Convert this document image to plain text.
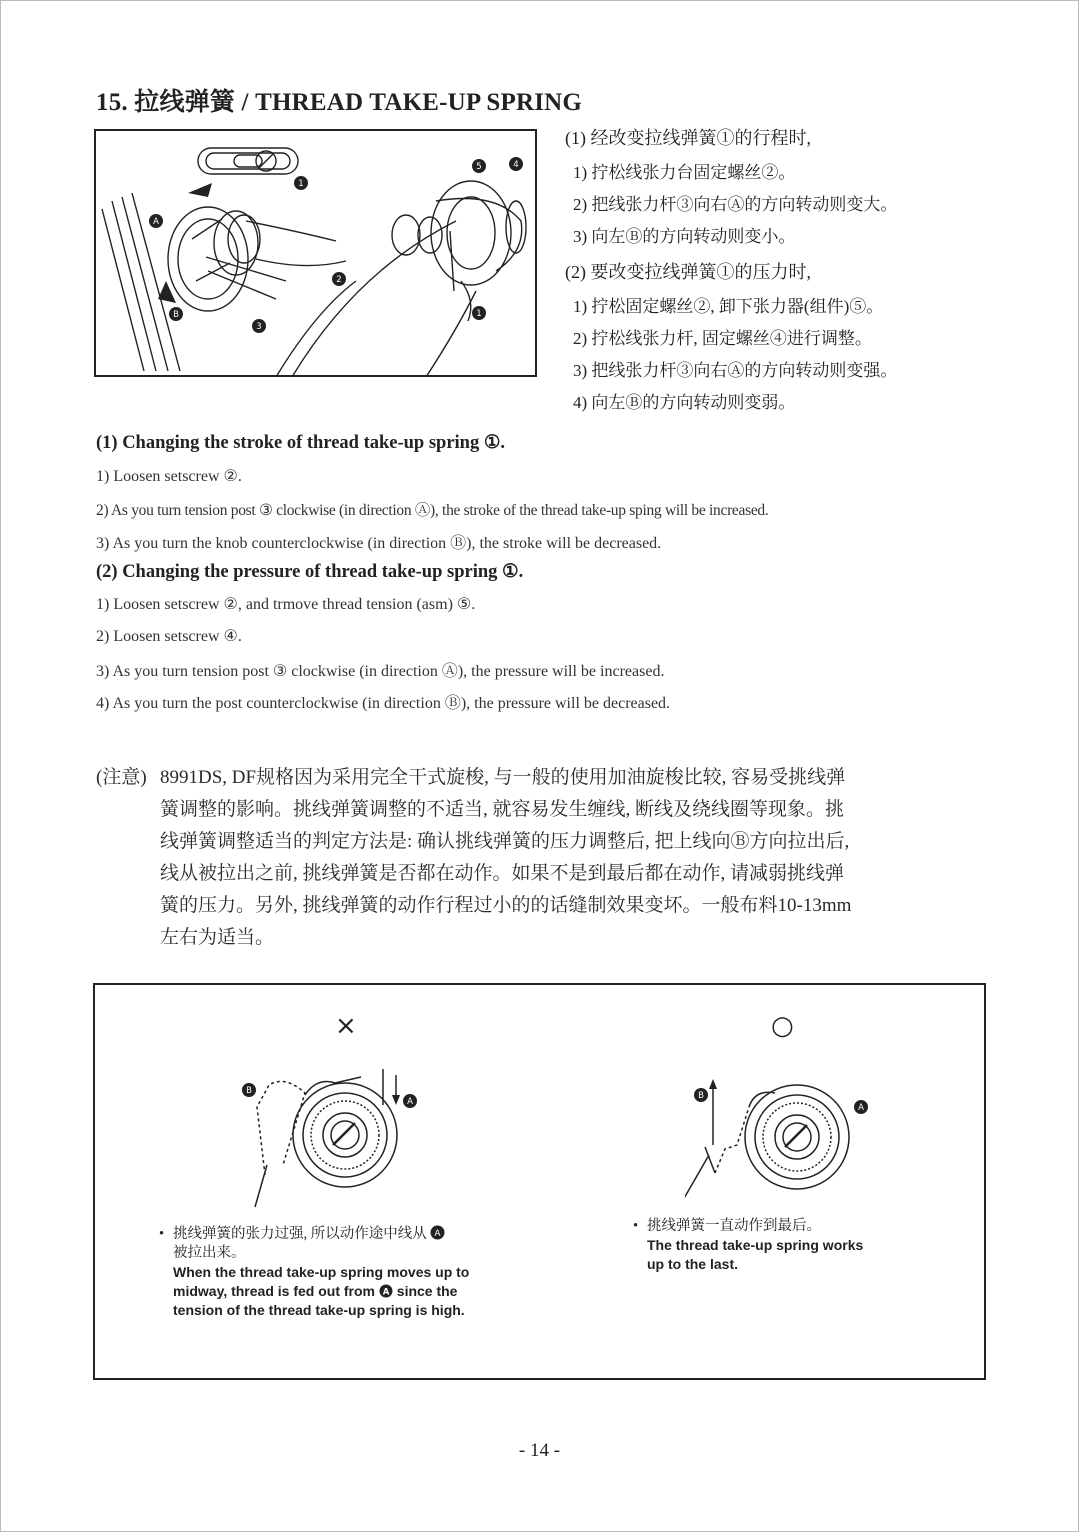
15. 拉线弹簧 / THREAD TAKE-UP SPRING
A
B
1
2
3
4
5
1
(1) 经改变拉线弹簧①的行程时,
1) 拧松线张力台固定螺丝②。
2) 把线张力杆③向右Ⓐ的方向转动则变大。
3) 向左Ⓑ的方向转动则变小。
(2) 要改变拉线弹簧①的压力时,
1) 拧松固定螺丝②, 卸下张力器(组件)⑤。
2) 拧松线张力杆, 固定螺丝④进行调整。
3) 把线张力杆③向右Ⓐ的方向转动则变强。
4) 向左Ⓑ的方向转动则变弱。
(1) Changing the stroke of thread take-up spring ①.
1) Loosen setscrew ②.
2) As you turn tension post ③ clockwise (in direction Ⓐ), the stroke of the thread take-up sping will be increased.
3) As you turn the knob counterclockwise (in direction Ⓑ), the stroke will be decreased.
(2) Changing the pressure of thread take-up spring ①.
1) Loosen setscrew ②, and trmove thread tension (asm) ⑤.
2) Loosen setscrew ④.
3) As you turn tension post ③ clockwise (in direction Ⓐ), the pressure will be increased.
4) As you turn the post counterclockwise (in direction Ⓑ), the pressure will be decreased.
(注意) 8991DS, DF规格因为采用完全干式旋梭, 与一般的使用加油旋梭比较, 容易受挑线弹
簧调整的影响。挑线弹簧调整的不适当, 就容易发生缠线, 断线及绕线圈等现象。挑
线弹簧调整适当的判定方法是: 确认挑线弹簧的压力调整后, 把上线向Ⓑ方向拉出后,
线从被拉出之前, 挑线弹簧是否都在动作。如果不是到最后都在动作, 请减弱挑线弹
簧的压力。另外, 挑线弹簧的动作行程过小的的话缝制效果变坏。一般布料10-13mm
左右为适当。
×	○
B
A
B
A
• 挑线弹簧的张力过强, 所以动作途中线从 A
被拉出来。
When the thread take-up spring moves up to
midway, thread is fed out from A since the
tension of the thread take-up spring is high.
• 挑线弹簧一直动作到最后。
The thread take-up spring works
up to the last.
- 14 -
